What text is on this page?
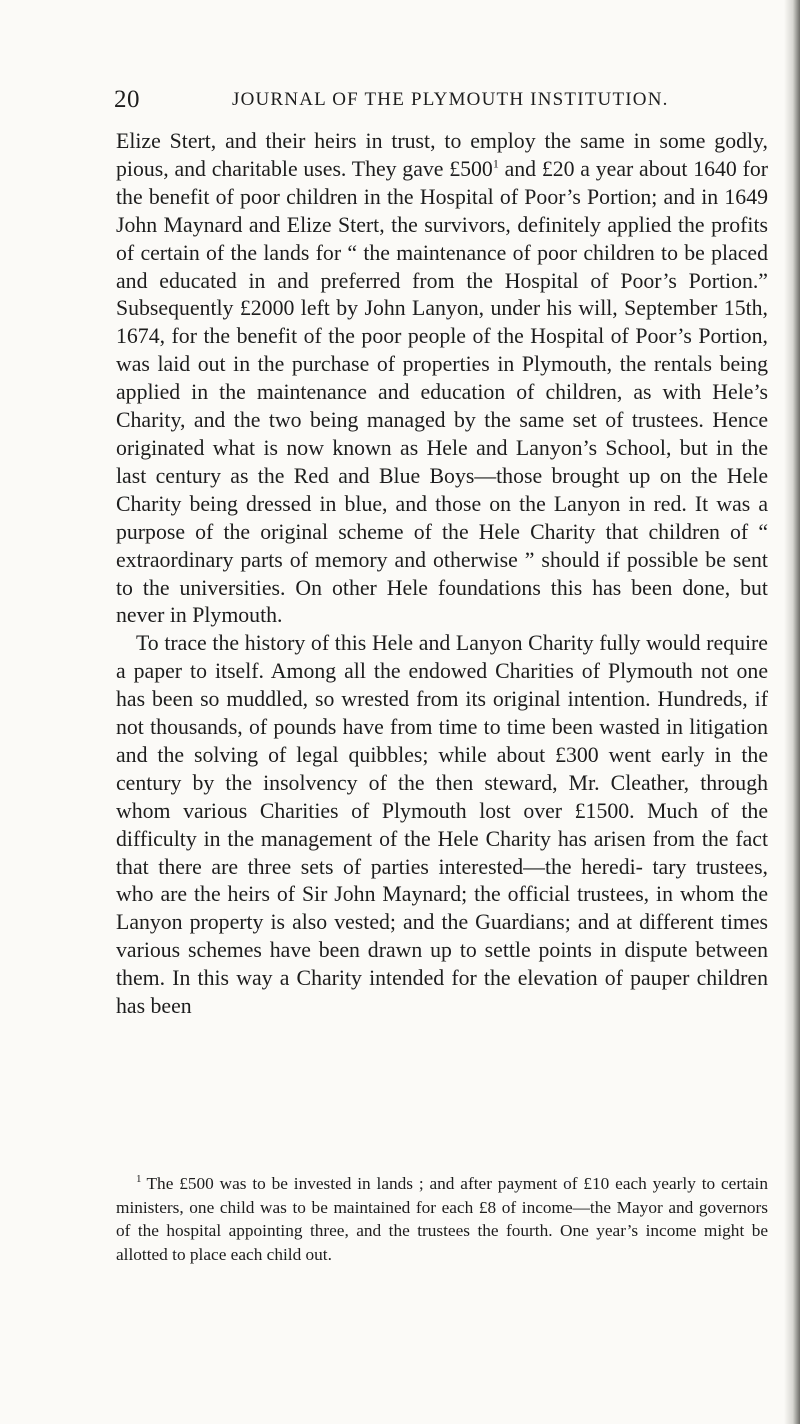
20	JOURNAL OF THE PLYMOUTH INSTITUTION.

Elize Stert, and their heirs in trust, to employ the same in some godly, pious, and charitable uses. They gave $£500^1$ and £20 a year about 1640 for the benefit of poor children in the Hospital of Poor’s Portion; and in 1649 John Maynard and Elize Stert, the survivors, definitely applied the profits of certain of the lands for “ the maintenance of poor children to be placed and educated in and preferred from the Hospital of Poor’s Portion.” Subsequently £2000 left by John Lanyon, under his will, September 15th, 1674, for the benefit of the poor people of the Hospital of Poor’s Portion, was laid out in the purchase of properties in Plymouth, the rentals being applied in the maintenance and education of children, as with Hele’s Charity, and the two being managed by the same set of trustees. Hence originated what is now known as Hele and Lanyon’s School, but in the last century as the Red and Blue Boys—those brought up on the Hele Charity being dressed in blue, and those on the Lanyon in red. It was a purpose of the original scheme of the Hele Charity that children of “ extraordinary parts of memory and otherwise ” should if possible be sent to the universities. On other Hele foundations this has been done, but never in Plymouth.

To trace the history of this Hele and Lanyon Charity fully would require a paper to itself. Among all the endowed Charities of Plymouth not one has been so muddled, so wrested from its original intention. Hundreds, if not thousands, of pounds have from time to time been wasted in litigation and the solving of legal quibbles; while about £300 went early in the century by the insolvency of the then steward, Mr. Cleather, through whom various Charities of Plymouth lost over £1500. Much of the difficulty in the management of the Hele Charity has arisen from the fact that there are three sets of parties interested—the heredi- tary trustees, who are the heirs of Sir John Maynard; the official trustees, in whom the Lanyon property is also vested; and the Guardians; and at different times various schemes have been drawn up to settle points in dispute between them. In this way a Charity intended for the elevation of pauper children has been

$^1$ The £500 was to be invested in lands ; and after payment of £10 each yearly to certain ministers, one child was to be maintained for each £8 of income—the Mayor and governors of the hospital appointing three, and the trustees the fourth. One year’s income might be allotted to place each child out.
